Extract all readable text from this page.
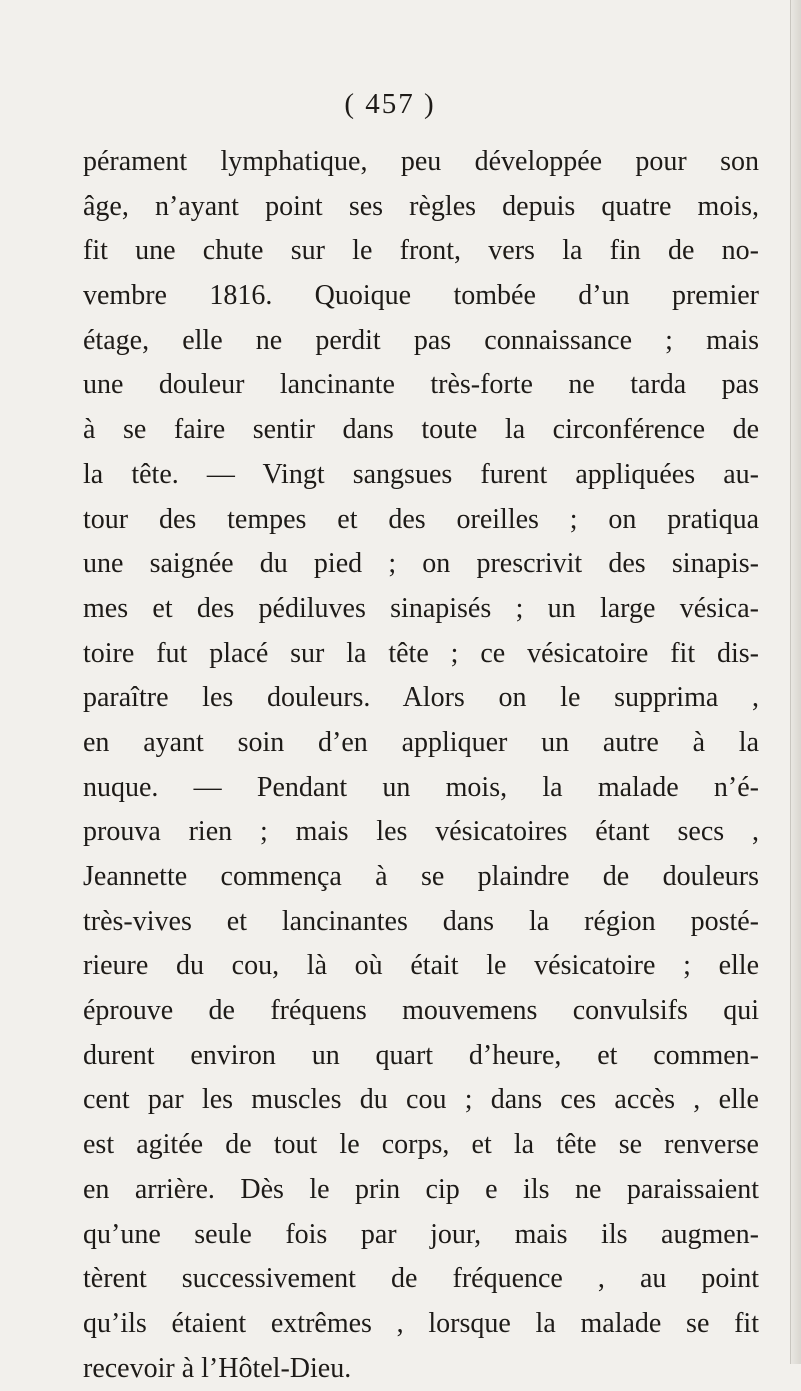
( 457 )
pérament lymphatique, peu développée pour son
âge, n’ayant point ses règles depuis quatre mois,
fit une chute sur le front, vers la fin de no-
vembre 1816. Quoique tombée d’un premier
étage, elle ne perdit pas connaissance ; mais
une douleur lancinante très-forte ne tarda pas
à se faire sentir dans toute la circonférence de
la tête. — Vingt sangsues furent appliquées au-
tour des tempes et des oreilles ; on pratiqua
une saignée du pied ; on prescrivit des sinapis-
mes et des pédiluves sinapisés ; un large vésica-
toire fut placé sur la tête ; ce vésicatoire fit dis-
paraître les douleurs. Alors on le supprima ,
en ayant soin d’en appliquer un autre à la
nuque. — Pendant un mois, la malade n’é-
prouva rien ; mais les vésicatoires étant secs ,
Jeannette commença à se plaindre de douleurs
très-vives et lancinantes dans la région posté-
rieure du cou, là où était le vésicatoire ; elle
éprouve de fréquens mouvemens convulsifs qui
durent environ un quart d’heure, et commen-
cent par les muscles du cou ; dans ces accès , elle
est agitée de tout le corps, et la tête se renverse
en arrière. Dès le prin cip e ils ne paraissaient
qu’une seule fois par jour, mais ils augmen-
tèrent successivement de fréquence , au point
qu’ils étaient extrêmes , lorsque la malade se fit
recevoir à l’Hôtel-Dieu.
